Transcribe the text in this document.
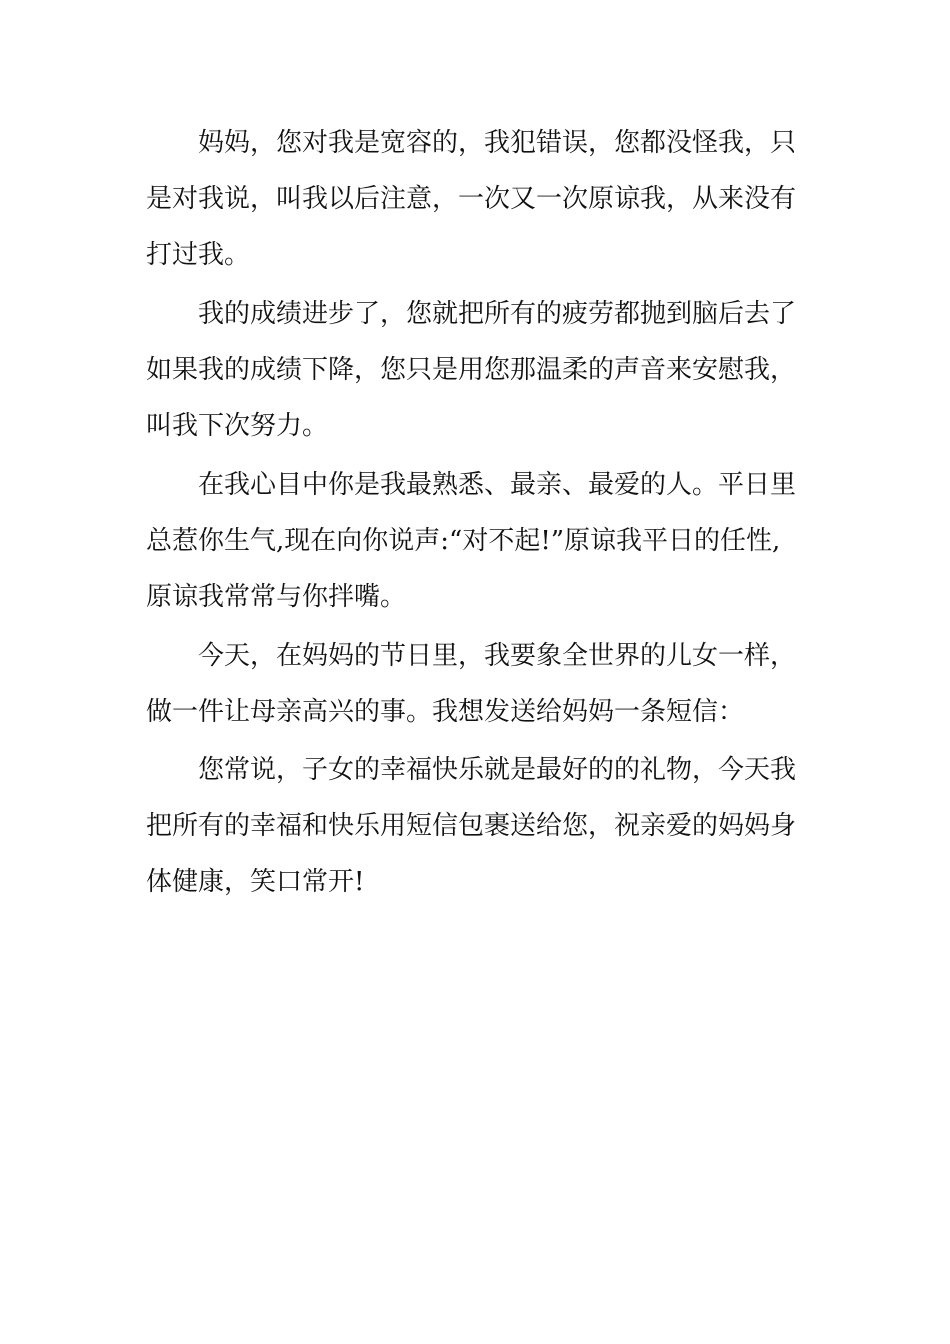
妈妈，您对我是宽容的，我犯错误，您都没怪我，只
是对我说，叫我以后注意，一次又一次原谅我，从来没有
打过我。
我的成绩进步了，您就把所有的疲劳都抛到脑后去了
如果我的成绩下降，您只是用您那温柔的声音来安慰我，
叫我下次努力。
在我心目中你是我最熟悉、最亲、最爱的人。平日里
总惹你生气,现在向你说声:“对不起!”原谅我平日的任性,
原谅我常常与你拌嘴。
今天，在妈妈的节日里，我要象全世界的儿女一样，
做一件让母亲高兴的事。我想发送给妈妈一条短信：
您常说，子女的幸福快乐就是最好的的礼物，今天我
把所有的幸福和快乐用短信包裹送给您，祝亲爱的妈妈身
体健康，笑口常开!
